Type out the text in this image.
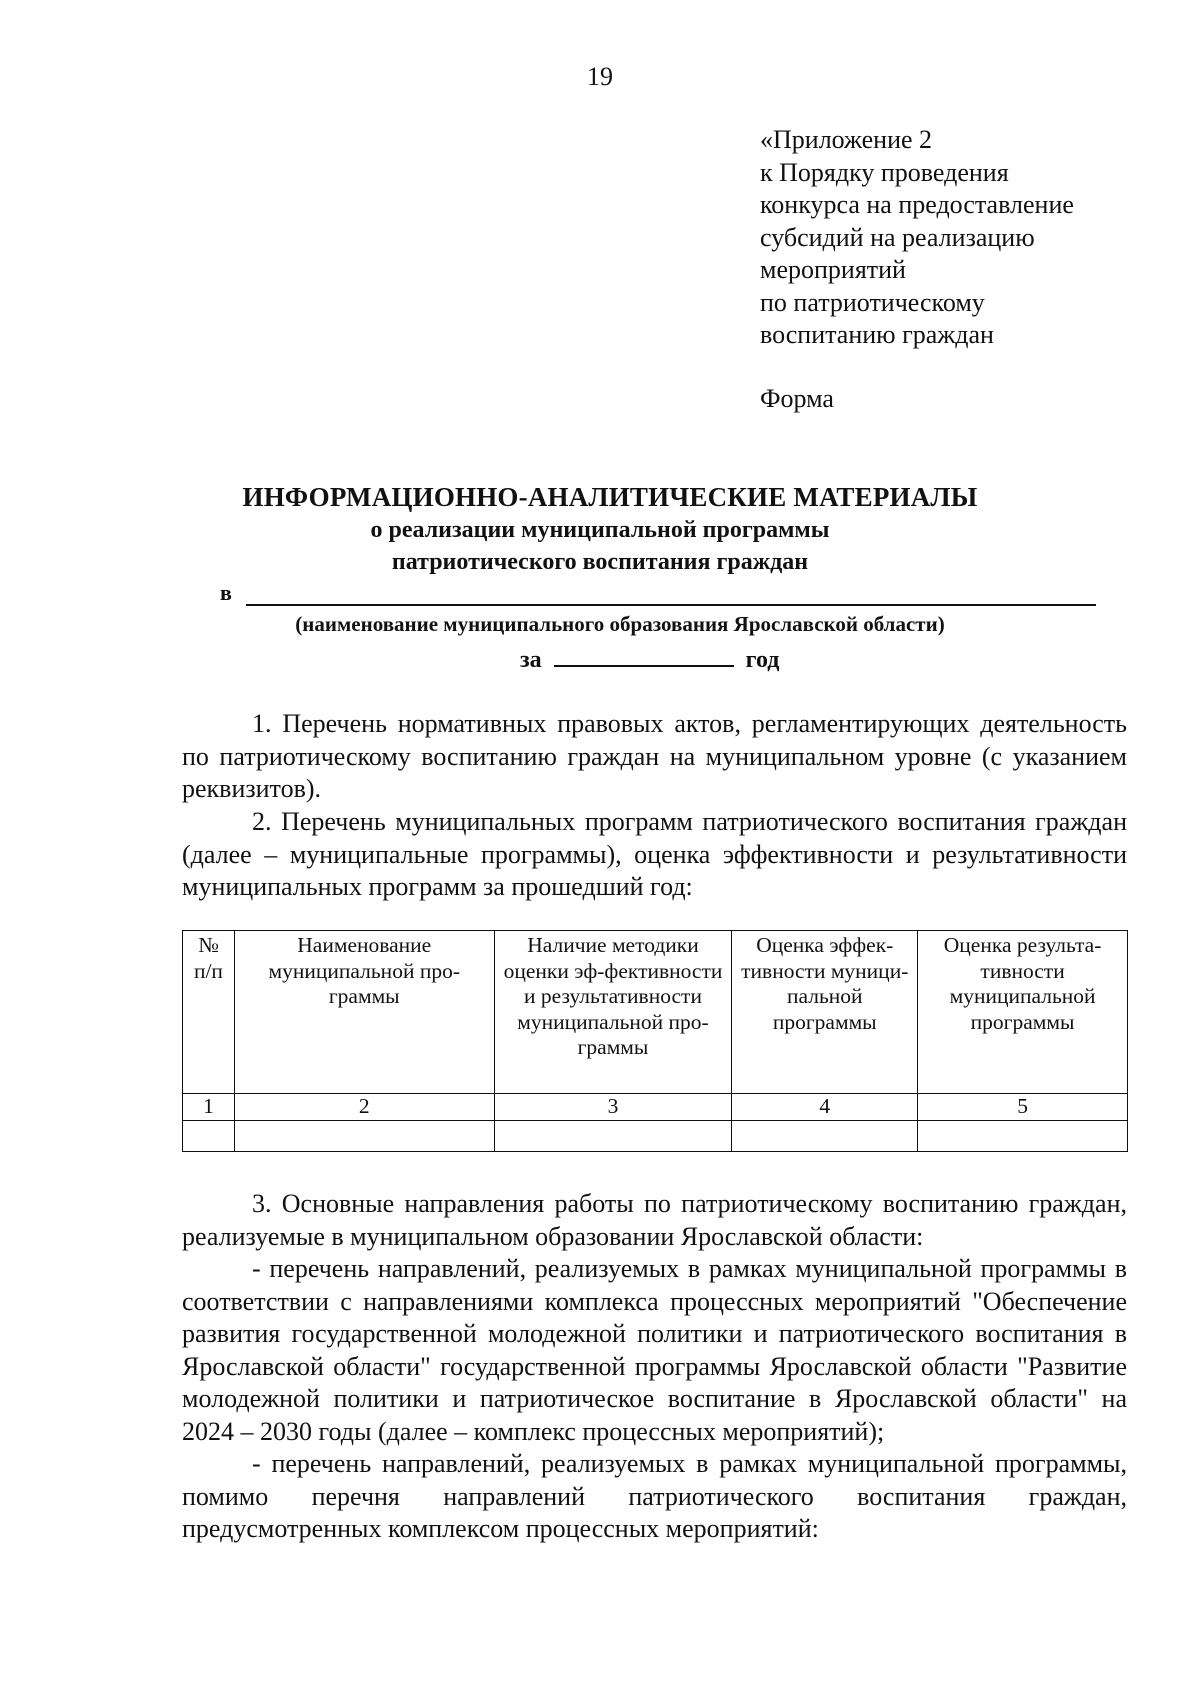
19
«Приложение 2
к Порядку проведения
конкурса на предоставление
субсидий на реализацию
мероприятий
по патриотическому
воспитанию граждан
Форма
ИНФОРМАЦИОННО-АНАЛИТИЧЕСКИЕ МАТЕРИАЛЫ
о реализации муниципальной программы
патриотического воспитания граждан
в
(наименование муниципального образования Ярославской области)
за	год

1. Перечень нормативных правовых актов, регламентирующих деятельность по патриотическому воспитанию граждан на муниципальном уровне (с указанием реквизитов).

2. Перечень муниципальных программ патриотического воспитания граждан (далее – муниципальные программы), оценка эффективности и результативности муниципальных программ за прошедший год:

№ п/п	Наименование муниципальной про-граммы	Наличие методики оценки эф-фективности и результативности муниципальной про-граммы	Оценка эффек-тивности муници-пальной программы	Оценка результа-тивности муниципальной программы
1	2	3	4	5

3. Основные направления работы по патриотическому воспитанию граждан, реализуемые в муниципальном образовании Ярославской области:

- перечень направлений, реализуемых в рамках муниципальной программы в соответствии с направлениями комплекса процессных мероприятий "Обеспечение развития государственной молодежной политики и патриотического воспитания в Ярославской области" государственной программы Ярославской области "Развитие молодежной политики и патриотическое воспитание в Ярославской области" на 2024 – 2030 годы (далее – комплекс процессных мероприятий);

- перечень направлений, реализуемых в рамках муниципальной программы, помимо перечня направлений патриотического воспитания граждан, предусмотренных комплексом процессных мероприятий:
